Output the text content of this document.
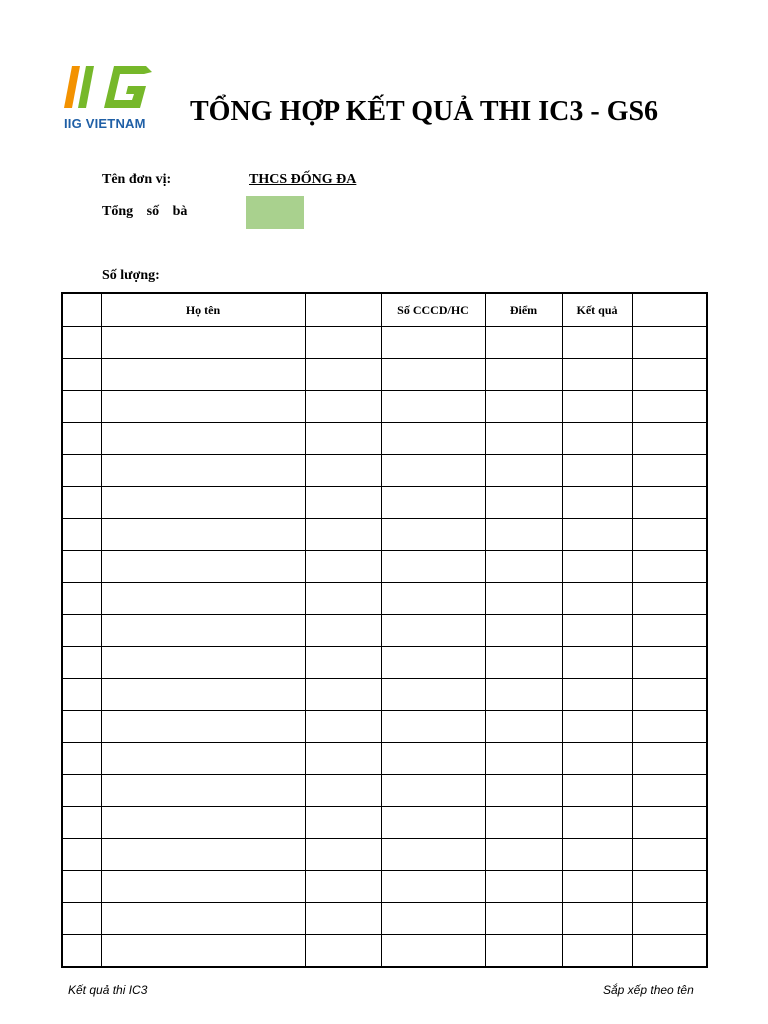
IIG VIETNAM	TỔNG HỢP KẾT QUẢ THI IC3 - GS6
Tên đơn vị:	THCS ĐỐNG ĐA
Tổng số bà
Số lượng:
	Họ tên		Số CCCD/HC	Điểm	Kết quả	

Kết quả thi IC3	Sắp xếp theo tên
